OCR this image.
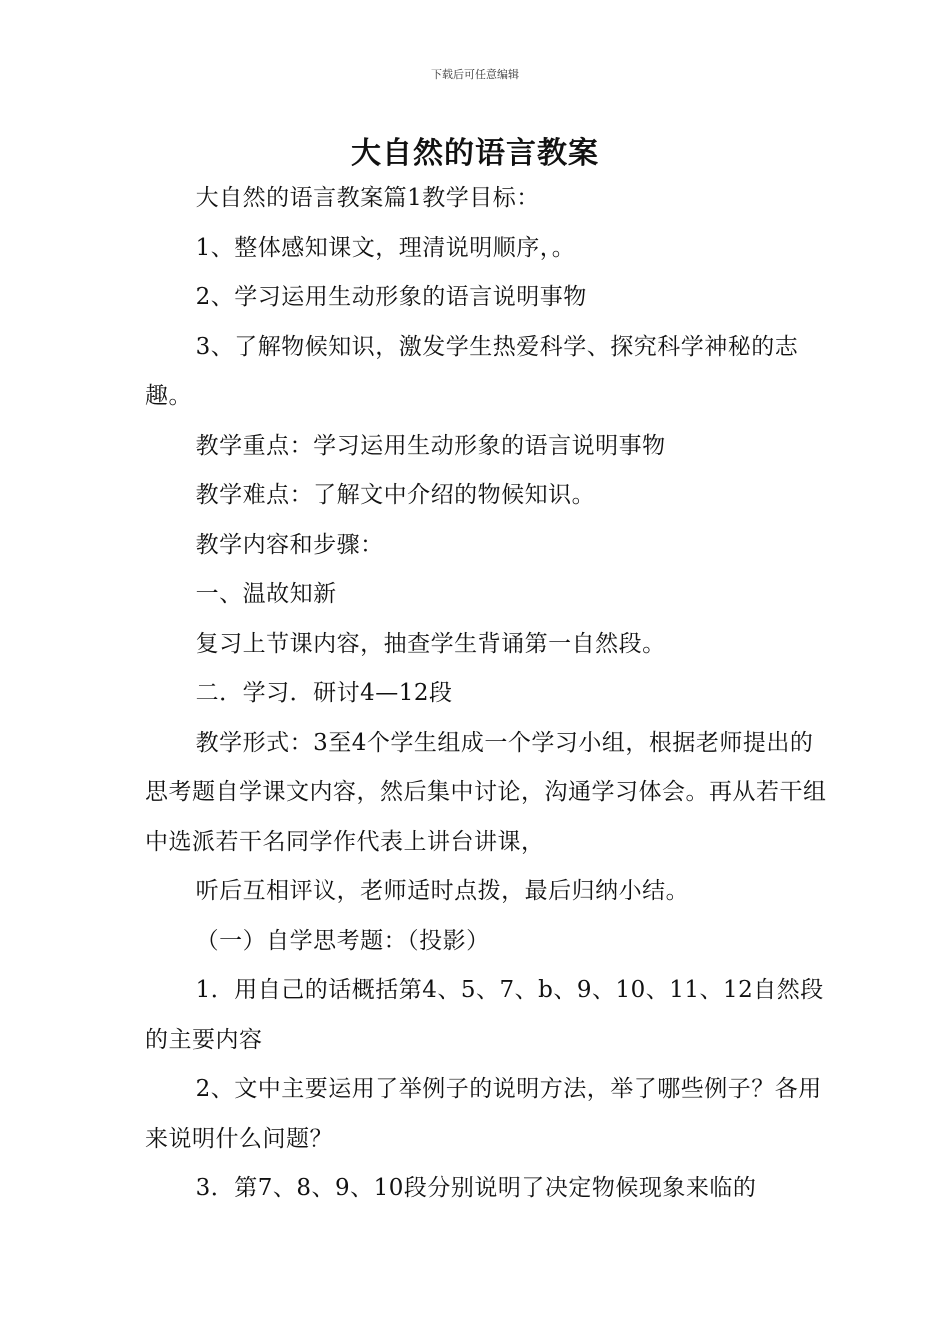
下载后可任意编辑
大自然的语言教案

大自然的语言教案篇1教学目标：

1、整体感知课文，理清说明顺序，。

2、学习运用生动形象的语言说明事物

3、了解物候知识，激发学生热爱科学、探究科学神秘的志趣。

教学重点：学习运用生动形象的语言说明事物

教学难点：了解文中介绍的物候知识。

教学内容和步骤：

一、温故知新

复习上节课内容，抽查学生背诵第一自然段。

二．学习．研讨4—12段

教学形式：3至4个学生组成一个学习小组，根据老师提出的思考题自学课文内容，然后集中讨论，沟通学习体会。再从若干组中选派若干名同学作代表上讲台讲课，

听后互相评议，老师适时点拨，最后归纳小结。

（一）自学思考题：（投影）

1．用自己的话概括第4、5、7、b、9、10、11、12自然段的主要内容

2、文中主要运用了举例子的说明方法，举了哪些例子？各用来说明什么问题？

3．第7、8、9、10段分别说明了决定物候现象来临的
